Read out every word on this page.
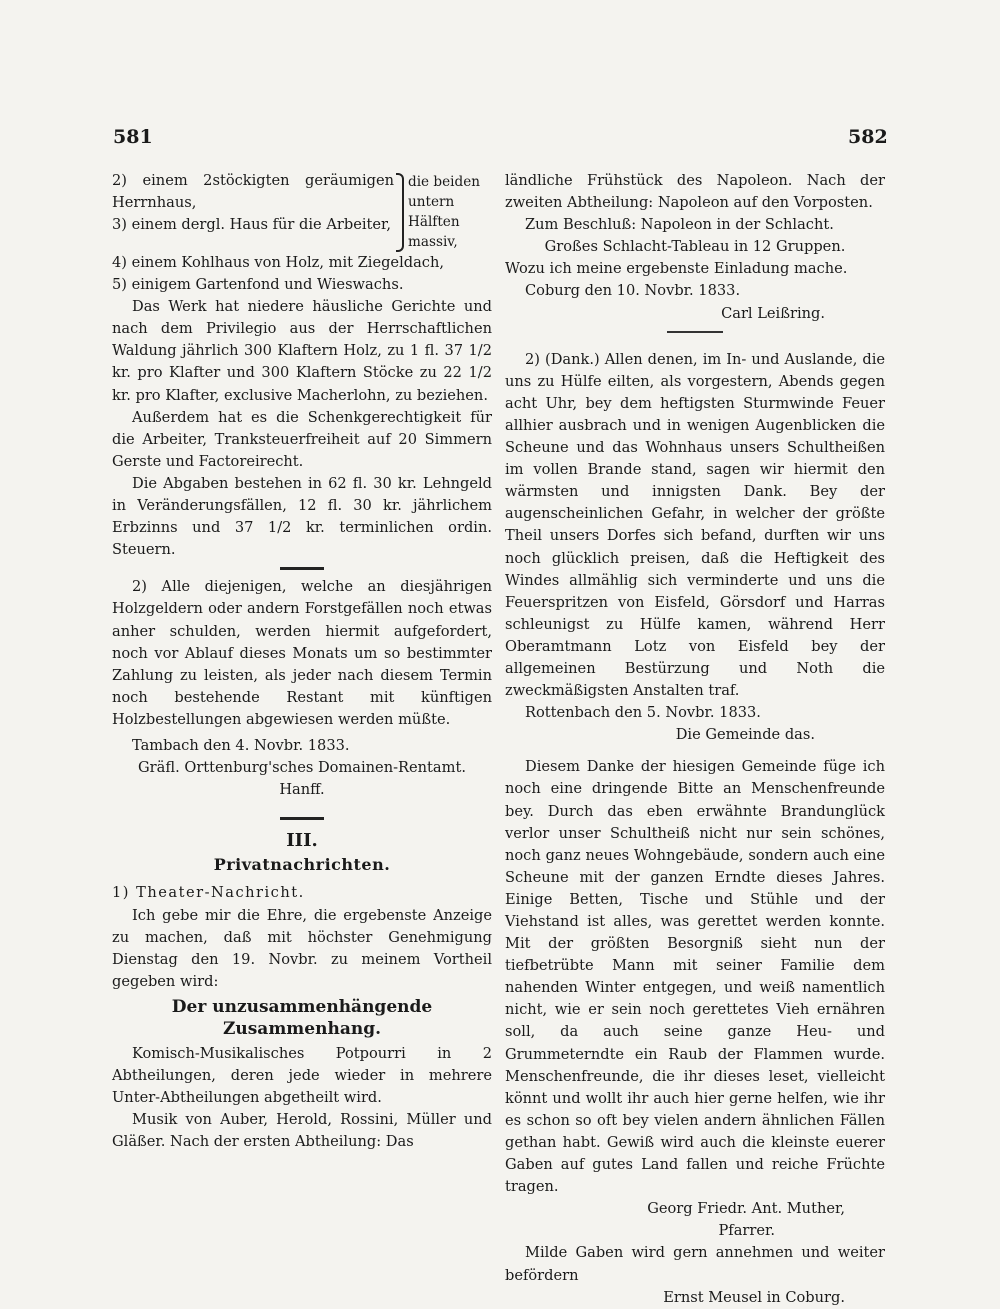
581	582

2) einem 2stöckigten geräumigen Herrnhaus,

3) einem dergl. Haus für die Arbeiter,

die beiden untern Hälften massiv,

4) einem Kohlhaus von Holz, mit Ziegeldach,

5) einigem Gartenfond und Wieswachs.

Das Werk hat niedere häusliche Gerichte und nach dem Privilegio aus der Herrschaftlichen Waldung jährlich 300 Klaftern Holz, zu 1 fl. 37 1/2 kr. pro Klafter und 300 Klaftern Stöcke zu 22 1/2 kr. pro Klafter, exclusive Macherlohn, zu beziehen.

Außerdem hat es die Schenkgerechtigkeit für die Arbeiter, Tranksteuerfreiheit auf 20 Simmern Gerste und Factoreirecht.

Die Abgaben bestehen in 62 fl. 30 kr. Lehngeld in Veränderungsfällen, 12 fl. 30 kr. jährlichem Erbzinns und 37 1/2 kr. terminlichen ordin. Steuern.

2) Alle diejenigen, welche an diesjährigen Holzgeldern oder andern Forstgefällen noch etwas anher schulden, werden hiermit aufgefordert, noch vor Ablauf dieses Monats um so bestimmter Zahlung zu leisten, als jeder nach diesem Termin noch bestehende Restant mit künftigen Holzbestellungen abgewiesen werden müßte.

Tambach den 4. Novbr. 1833.

Gräfl. Orttenburg'sches Domainen-Rentamt.

Hanff.

III.
Privatnachrichten.

1) Theater-Nachricht.

Ich gebe mir die Ehre, die ergebenste Anzeige zu machen, daß mit höchster Genehmigung Dienstag den 19. Novbr. zu meinem Vortheil gegeben wird:

Der unzusammenhängende Zusammenhang.

Komisch-Musikalisches Potpourri in 2 Abtheilungen, deren jede wieder in mehrere Unter-Abtheilungen abgetheilt wird.

Musik von Auber, Herold, Rossini, Müller und Gläßer. Nach der ersten Abtheilung: Das

ländliche Frühstück des Napoleon. Nach der zweiten Abtheilung: Napoleon auf den Vorposten.

Zum Beschluß: Napoleon in der Schlacht.

Großes Schlacht-Tableau in 12 Gruppen.

Wozu ich meine ergebenste Einladung mache.

Coburg den 10. Novbr. 1833.

Carl Leißring.

2) (Dank.) Allen denen, im In- und Auslande, die uns zu Hülfe eilten, als vorgestern, Abends gegen acht Uhr, bey dem heftigsten Sturmwinde Feuer allhier ausbrach und in wenigen Augenblicken die Scheune und das Wohnhaus unsers Schultheißen im vollen Brande stand, sagen wir hiermit den wärmsten und innigsten Dank. Bey der augenscheinlichen Gefahr, in welcher der größte Theil unsers Dorfes sich befand, durften wir uns noch glücklich preisen, daß die Heftigkeit des Windes allmählig sich verminderte und uns die Feuerspritzen von Eisfeld, Görsdorf und Harras schleunigst zu Hülfe kamen, während Herr Oberamtmann Lotz von Eisfeld bey der allgemeinen Bestürzung und Noth die zweckmäßigsten Anstalten traf.

Rottenbach den 5. Novbr. 1833.

Die Gemeinde das.

Diesem Danke der hiesigen Gemeinde füge ich noch eine dringende Bitte an Menschenfreunde bey. Durch das eben erwähnte Brandunglück verlor unser Schultheiß nicht nur sein schönes, noch ganz neues Wohngebäude, sondern auch eine Scheune mit der ganzen Erndte dieses Jahres. Einige Betten, Tische und Stühle und der Viehstand ist alles, was gerettet werden konnte. Mit der größten Besorgniß sieht nun der tiefbetrübte Mann mit seiner Familie dem nahenden Winter entgegen, und weiß namentlich nicht, wie er sein noch gerettetes Vieh ernähren soll, da auch seine ganze Heu- und Grummeterndte ein Raub der Flammen wurde. Menschenfreunde, die ihr dieses leset, vielleicht könnt und wollt ihr auch hier gerne helfen, wie ihr es schon so oft bey vielen andern ähnlichen Fällen gethan habt. Gewiß wird auch die kleinste euerer Gaben auf gutes Land fallen und reiche Früchte tragen.

Georg Friedr. Ant. Muther,

Pfarrer.

Milde Gaben wird gern annehmen und weiter befördern

Ernst Meusel in Coburg.
